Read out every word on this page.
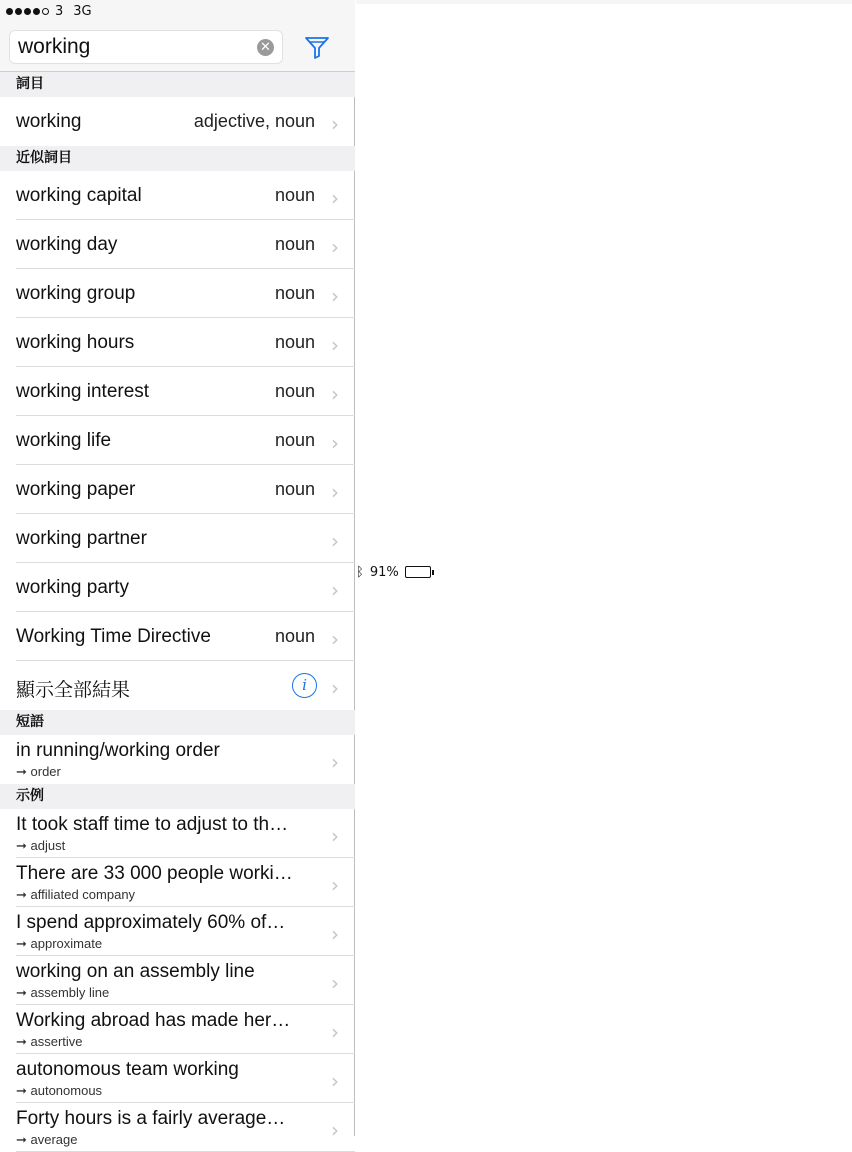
working
✕
詞目
working	adjective, noun ›
近似詞目
working capital	noun ›
working day	noun ›
working group	noun ›
working hours	noun ›
working interest	noun ›
working life	noun ›
working paper	noun ›
working partner	›
working party	›
Working Time Directive	noun ›
顯示全部結果	i	›
短語
in running/working order
➞ order	›
示例
It took staff time to adjust to th…
➞ adjust	›
There are 33 000 people worki…
➞ affiliated company	›
I spend approximately 60% of…
➞ approximate	›
working on an assembly line
➞ assembly line	›
Working abroad has made her…
➞ assertive	›
autonomous team working
➞ autonomous	›
Forty hours is a fairly average…
➞ average	›
3 3G
ᛒ 91%
